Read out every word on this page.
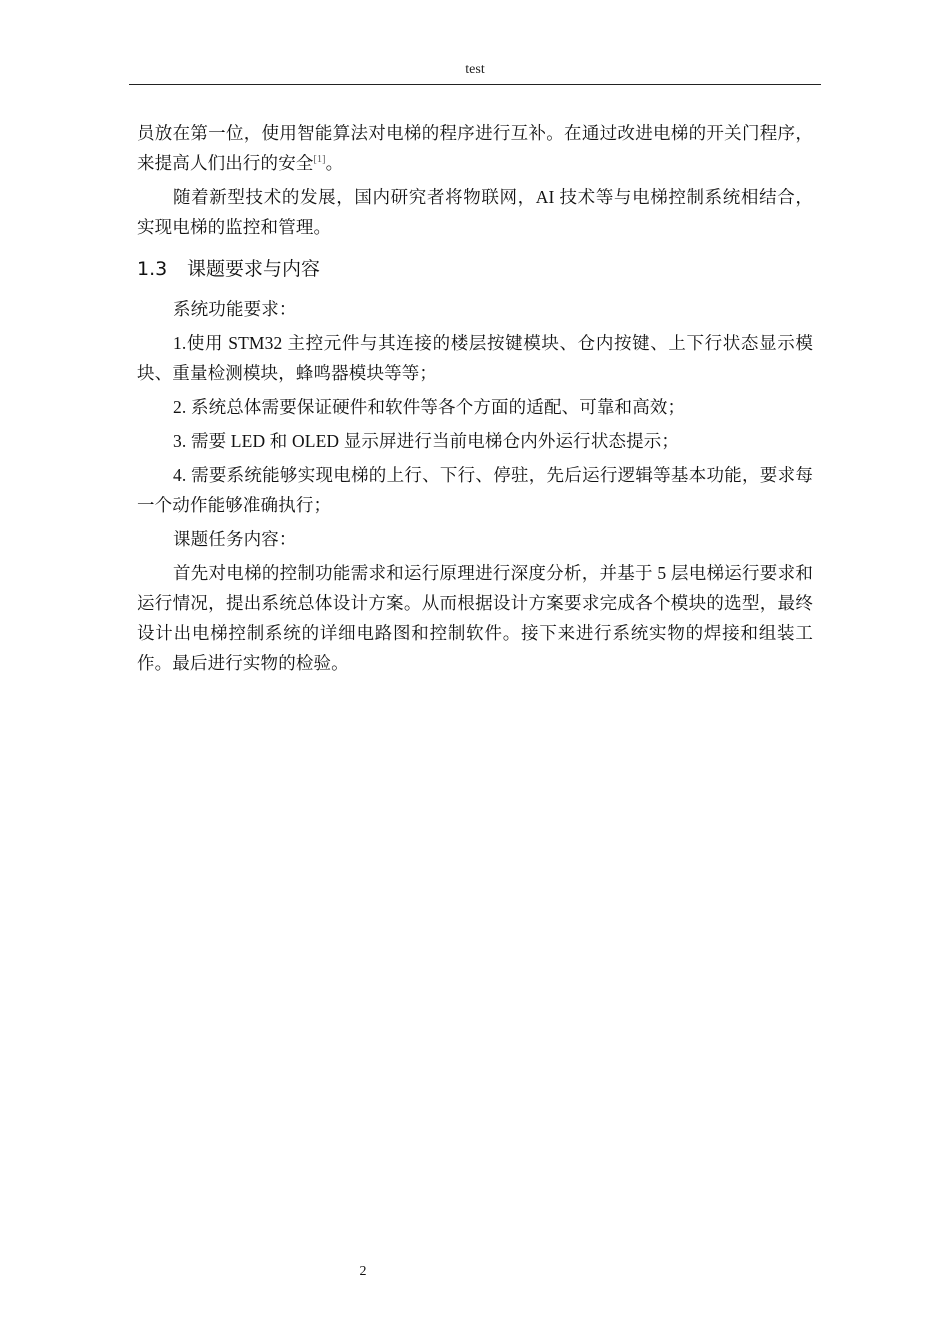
test

员放在第一位，使用智能算法对电梯的程序进行互补。在通过改进电梯的开关门程序，来提高人们出行的安全[1]。

随着新型技术的发展，国内研究者将物联网，AI 技术等与电梯控制系统相结合，实现电梯的监控和管理。

1.3 课题要求与内容

系统功能要求：

1.使用 STM32 主控元件与其连接的楼层按键模块、仓内按键、上下行状态显示模块、重量检测模块，蜂鸣器模块等等；

2. 系统总体需要保证硬件和软件等各个方面的适配、可靠和高效；

3. 需要 LED 和 OLED 显示屏进行当前电梯仓内外运行状态提示；

4. 需要系统能够实现电梯的上行、下行、停驻，先后运行逻辑等基本功能，要求每一个动作能够准确执行；

课题任务内容：

首先对电梯的控制功能需求和运行原理进行深度分析，并基于 5 层电梯运行要求和运行情况，提出系统总体设计方案。从而根据设计方案要求完成各个模块的选型，最终设计出电梯控制系统的详细电路图和控制软件。接下来进行系统实物的焊接和组装工作。最后进行实物的检验。

2
